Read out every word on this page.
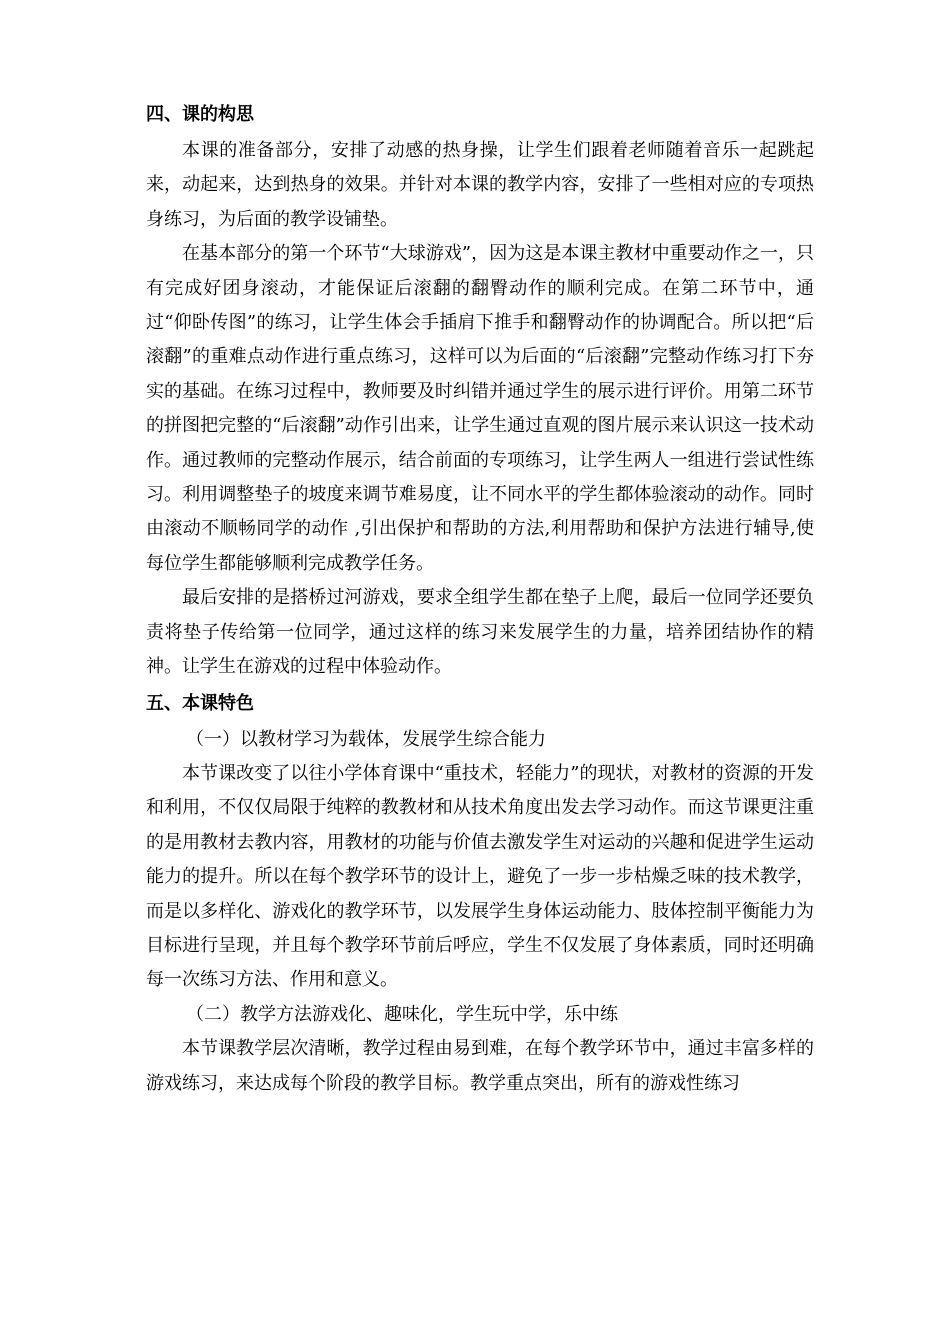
四、课的构思

本课的准备部分，安排了动感的热身操，让学生们跟着老师随着音乐一起跳起来，动起来，达到热身的效果。并针对本课的教学内容，安排了一些相对应的专项热身练习，为后面的教学设铺垫。

在基本部分的第一个环节“大球游戏”，因为这是本课主教材中重要动作之一，只有完成好团身滚动，才能保证后滚翻的翻臀动作的顺利完成。在第二环节中，通过“仰卧传图”的练习，让学生体会手插肩下推手和翻臀动作的协调配合。所以把“后滚翻”的重难点动作进行重点练习，这样可以为后面的“后滚翻”完整动作练习打下夯实的基础。在练习过程中，教师要及时纠错并通过学生的展示进行评价。用第二环节的拼图把完整的“后滚翻”动作引出来，让学生通过直观的图片展示来认识这一技术动作。通过教师的完整动作展示，结合前面的专项练习，让学生两人一组进行尝试性练习。利用调整垫子的坡度来调节难易度，让不同水平的学生都体验滚动的动作。同时由滚动不顺畅同学的动作 ,引出保护和帮助的方法,利用帮助和保护方法进行辅导,使每位学生都能够顺利完成教学任务。

最后安排的是搭桥过河游戏，要求全组学生都在垫子上爬，最后一位同学还要负责将垫子传给第一位同学，通过这样的练习来发展学生的力量，培养团结协作的精神。让学生在游戏的过程中体验动作。

五、本课特色
（一）以教材学习为载体，发展学生综合能力

本节课改变了以往小学体育课中“重技术，轻能力”的现状，对教材的资源的开发和利用，不仅仅局限于纯粹的教教材和从技术角度出发去学习动作。而这节课更注重的是用教材去教内容，用教材的功能与价值去激发学生对运动的兴趣和促进学生运动能力的提升。所以在每个教学环节的设计上，避免了一步一步枯燥乏味的技术教学，而是以多样化、游戏化的教学环节，以发展学生身体运动能力、肢体控制平衡能力为目标进行呈现，并且每个教学环节前后呼应，学生不仅发展了身体素质，同时还明确每一次练习方法、作用和意义。

（二）教学方法游戏化、趣味化，学生玩中学，乐中练

本节课教学层次清晰，教学过程由易到难，在每个教学环节中，通过丰富多样的游戏练习，来达成每个阶段的教学目标。教学重点突出，所有的游戏性练习
